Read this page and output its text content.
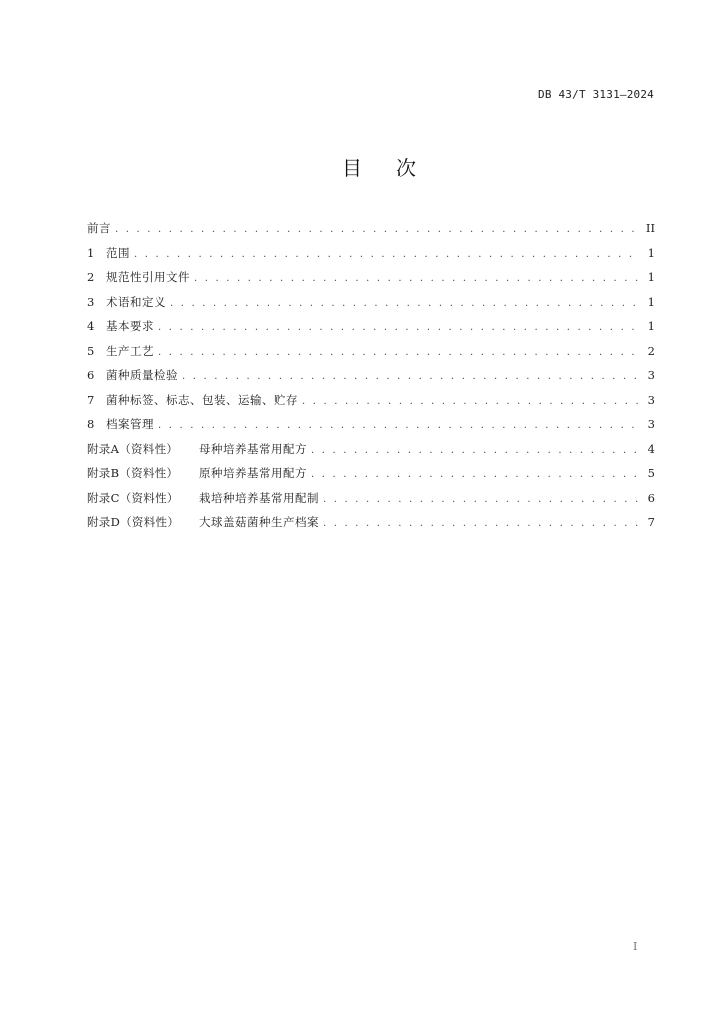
DB 43/T 3131—2024
目次
前言 . . .	II
1	范围 . . .	1
2	规范性引用文件 . . .	1
3	术语和定义 . . .	1
4	基本要求 . . .	1
5	生产工艺 . . .	2
6	菌种质量检验 . . .	3
7	菌种标签、标志、包装、运输、贮存 . . .	3
8	档案管理 . . .	3
附录A（资料性）	母种培养基常用配方 . . .	4
附录B（资料性）	原种培养基常用配方 . . .	5
附录C（资料性）	栽培种培养基常用配制 . . .	6
附录D（资料性）	大球盖菇菌种生产档案 . . .	7
I
